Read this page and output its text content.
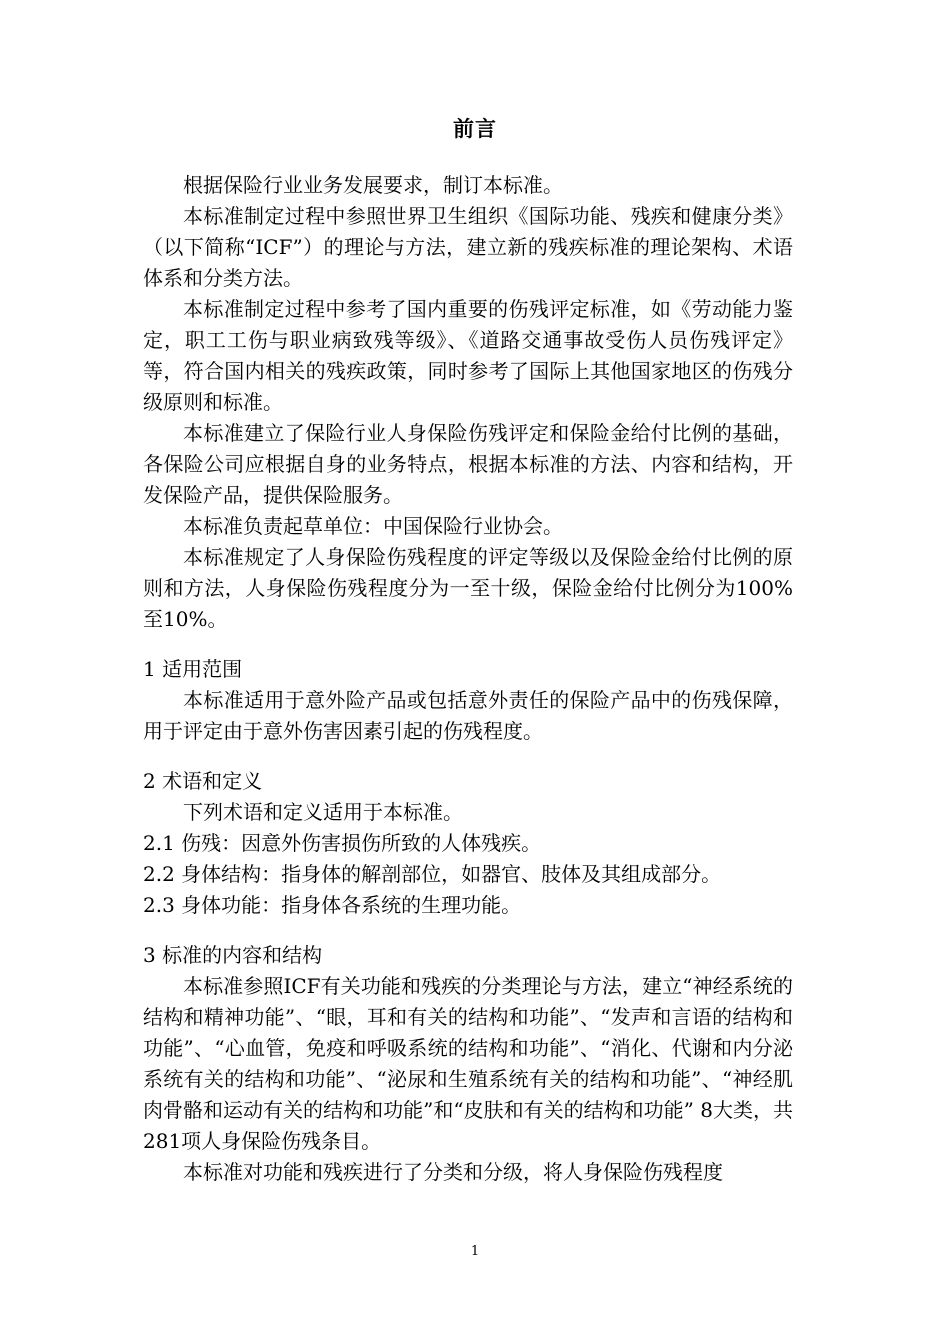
前言

根据保险行业业务发展要求，制订本标准。

本标准制定过程中参照世界卫生组织《国际功能、残疾和健康分类》（以下简称“ICF”）的理论与方法，建立新的残疾标准的理论架构、术语体系和分类方法。

本标准制定过程中参考了国内重要的伤残评定标准，如《劳动能力鉴定，职工工伤与职业病致残等级》、《道路交通事故受伤人员伤残评定》等，符合国内相关的残疾政策，同时参考了国际上其他国家地区的伤残分级原则和标准。

本标准建立了保险行业人身保险伤残评定和保险金给付比例的基础，各保险公司应根据自身的业务特点，根据本标准的方法、内容和结构，开发保险产品，提供保险服务。

本标准负责起草单位：中国保险行业协会。

本标准规定了人身保险伤残程度的评定等级以及保险金给付比例的原则和方法，人身保险伤残程度分为一至十级，保险金给付比例分为100%至10%。

1 适用范围

本标准适用于意外险产品或包括意外责任的保险产品中的伤残保障，用于评定由于意外伤害因素引起的伤残程度。

2 术语和定义

下列术语和定义适用于本标准。

2.1 伤残：因意外伤害损伤所致的人体残疾。

2.2 身体结构：指身体的解剖部位，如器官、肢体及其组成部分。

2.3 身体功能：指身体各系统的生理功能。

3 标准的内容和结构

本标准参照ICF有关功能和残疾的分类理论与方法，建立“神经系统的结构和精神功能”、“眼，耳和有关的结构和功能”、“发声和言语的结构和功能”、“心血管，免疫和呼吸系统的结构和功能”、“消化、代谢和内分泌系统有关的结构和功能”、“泌尿和生殖系统有关的结构和功能”、“神经肌肉骨骼和运动有关的结构和功能”和“皮肤和有关的结构和功能” 8大类，共281项人身保险伤残条目。

本标准对功能和残疾进行了分类和分级，将人身保险伤残程度

1
